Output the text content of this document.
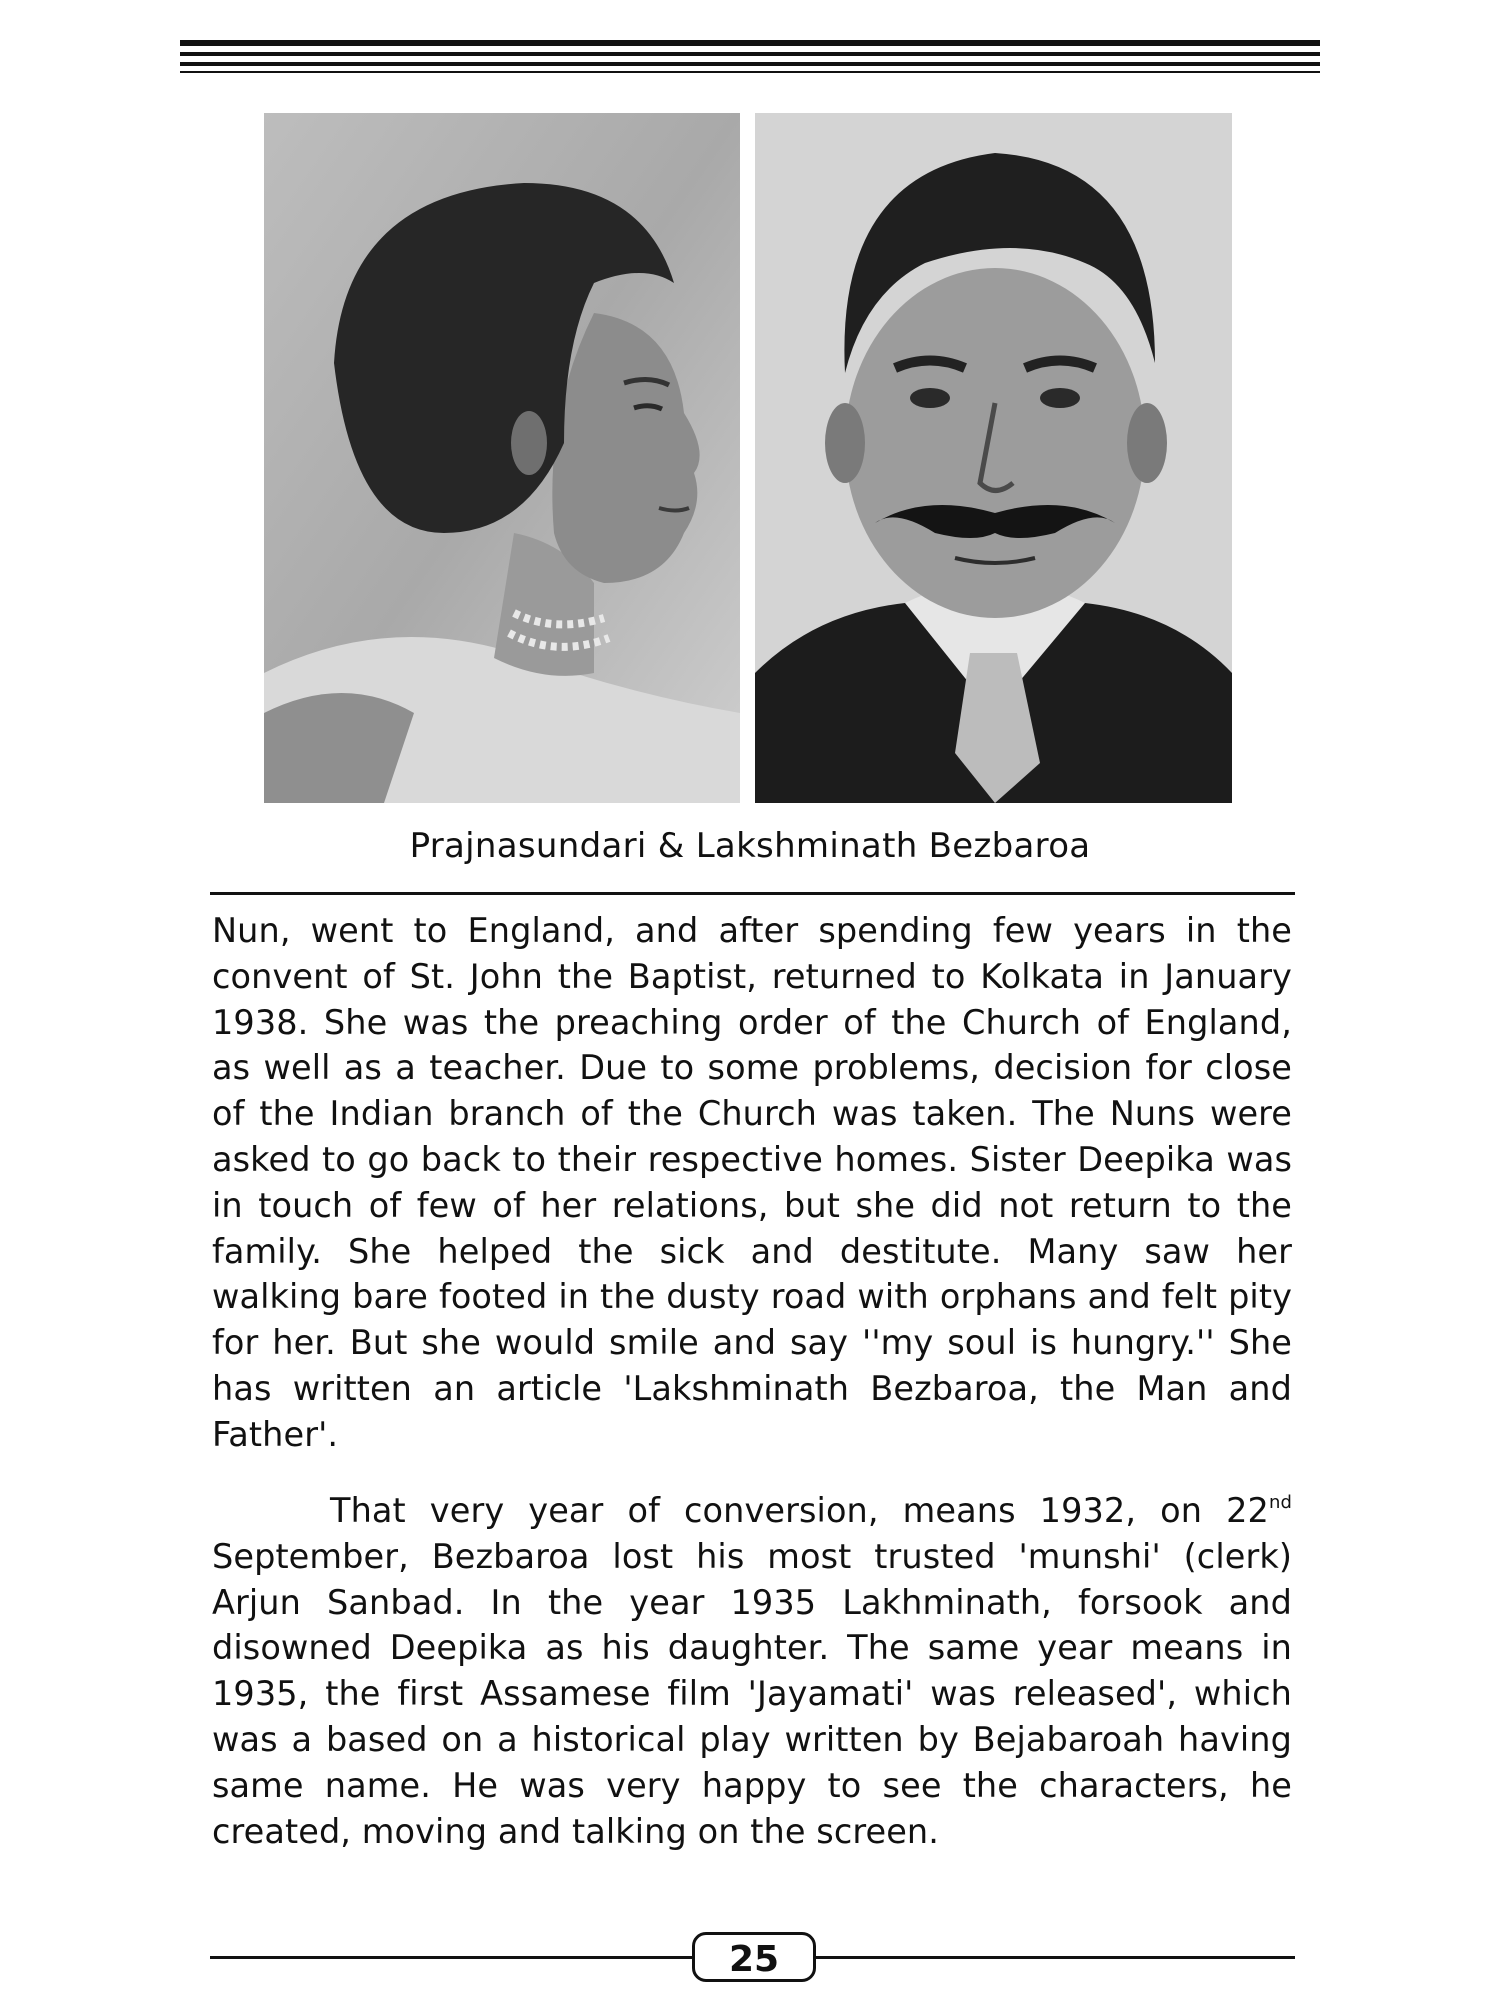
Prajnasundari & Lakshminath Bezbaroa
Nun, went to England, and after spending few years in the convent of St. John the Baptist, returned to Kolkata in January 1938. She was the preaching order of the Church of England, as well as a teacher. Due to some problems, decision for close of the Indian branch of the Church was taken. The Nuns were asked to go back to their respective homes. Sister Deepika was in touch of few of her relations, but she did not return to the family. She helped the sick and destitute. Many saw her walking bare footed in the dusty road with orphans and felt pity for her. But she would smile and say ''my soul is hungry.'' She has written an article 'Lakshminath Bezbaroa, the Man and Father'.
That very year of conversion, means 1932, on 22nd September, Bezbaroa lost his most trusted 'munshi' (clerk) Arjun Sanbad. In the year 1935 Lakhminath, forsook and disowned Deepika as his daughter. The same year means in 1935, the first Assamese film 'Jayamati' was released', which was a based on a historical play written by Bejabaroah having same name. He was very happy to see the characters, he created, moving and talking on the screen.
25
